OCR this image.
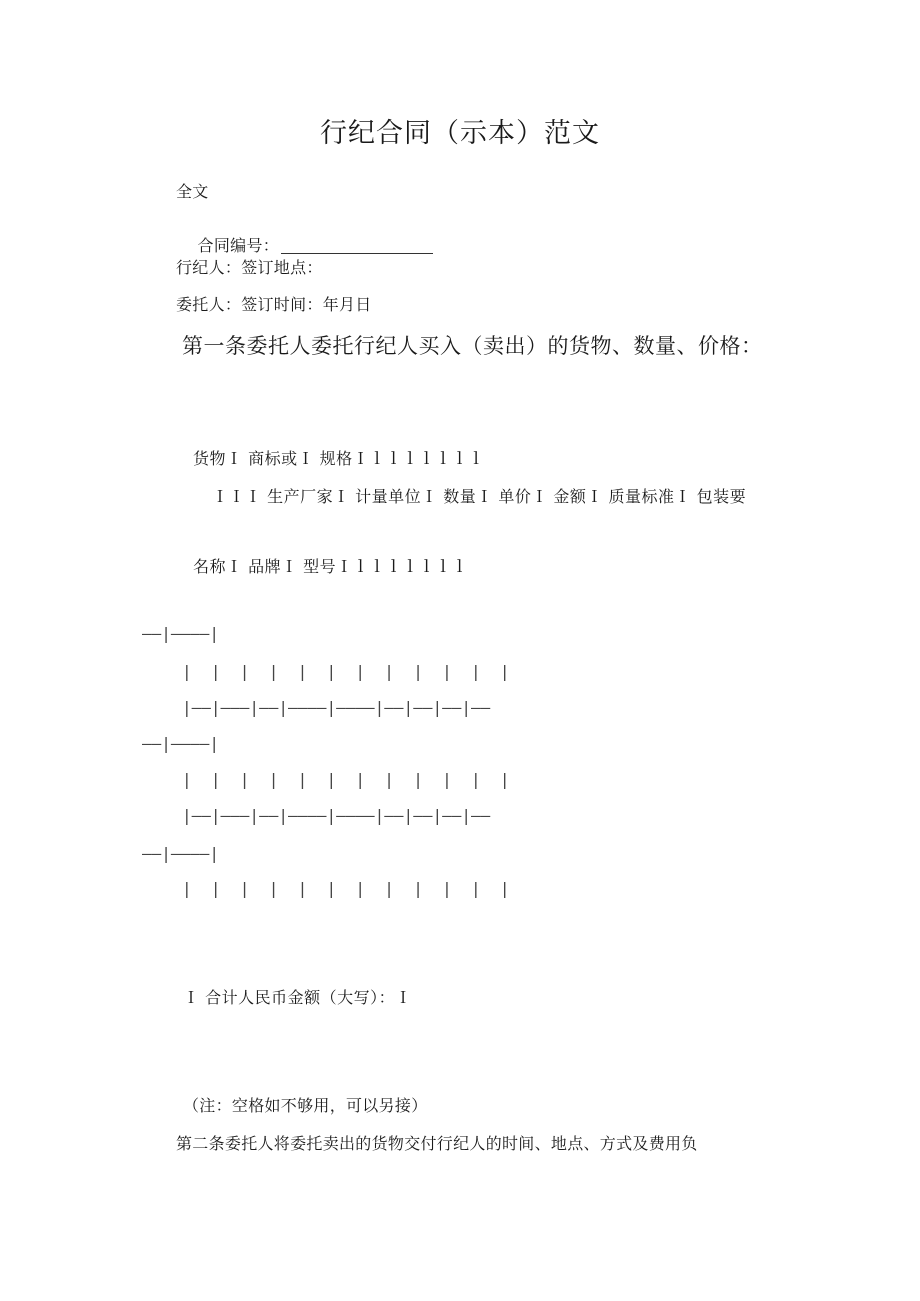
行纪合同（示本）范文
全文

合同编号：

行纪人：签订地点：
委托人：签订时间：年月日
第一条委托人委托行纪人买入（卖出）的货物、数量、价格：
货物Ｉ 商标或Ｉ 规格Ｉｌｌｌｌｌｌｌ
ＩＩＩ 生产厂家Ｉ 计量单位Ｉ 数量Ｉ 单价Ｉ 金额Ｉ 质量标准Ｉ 包装要
名称Ｉ 品牌Ｉ 型号Ｉｌｌｌｌｌｌｌ
——|————|
|  |  |  |  |  |  |  |  |  |  |  |
|——|———|——|————|————|——|——|——|——
——|————|
|  |  |  |  |  |  |  |  |  |  |  |
|——|———|——|————|————|——|——|——|——
——|————|
|  |  |  |  |  |  |  |  |  |  |  |
Ｉ 合计人民币金额（大写）：Ｉ
（注：空格如不够用，可以另接）
第二条委托人将委托卖出的货物交付行纪人的时间、地点、方式及费用负
